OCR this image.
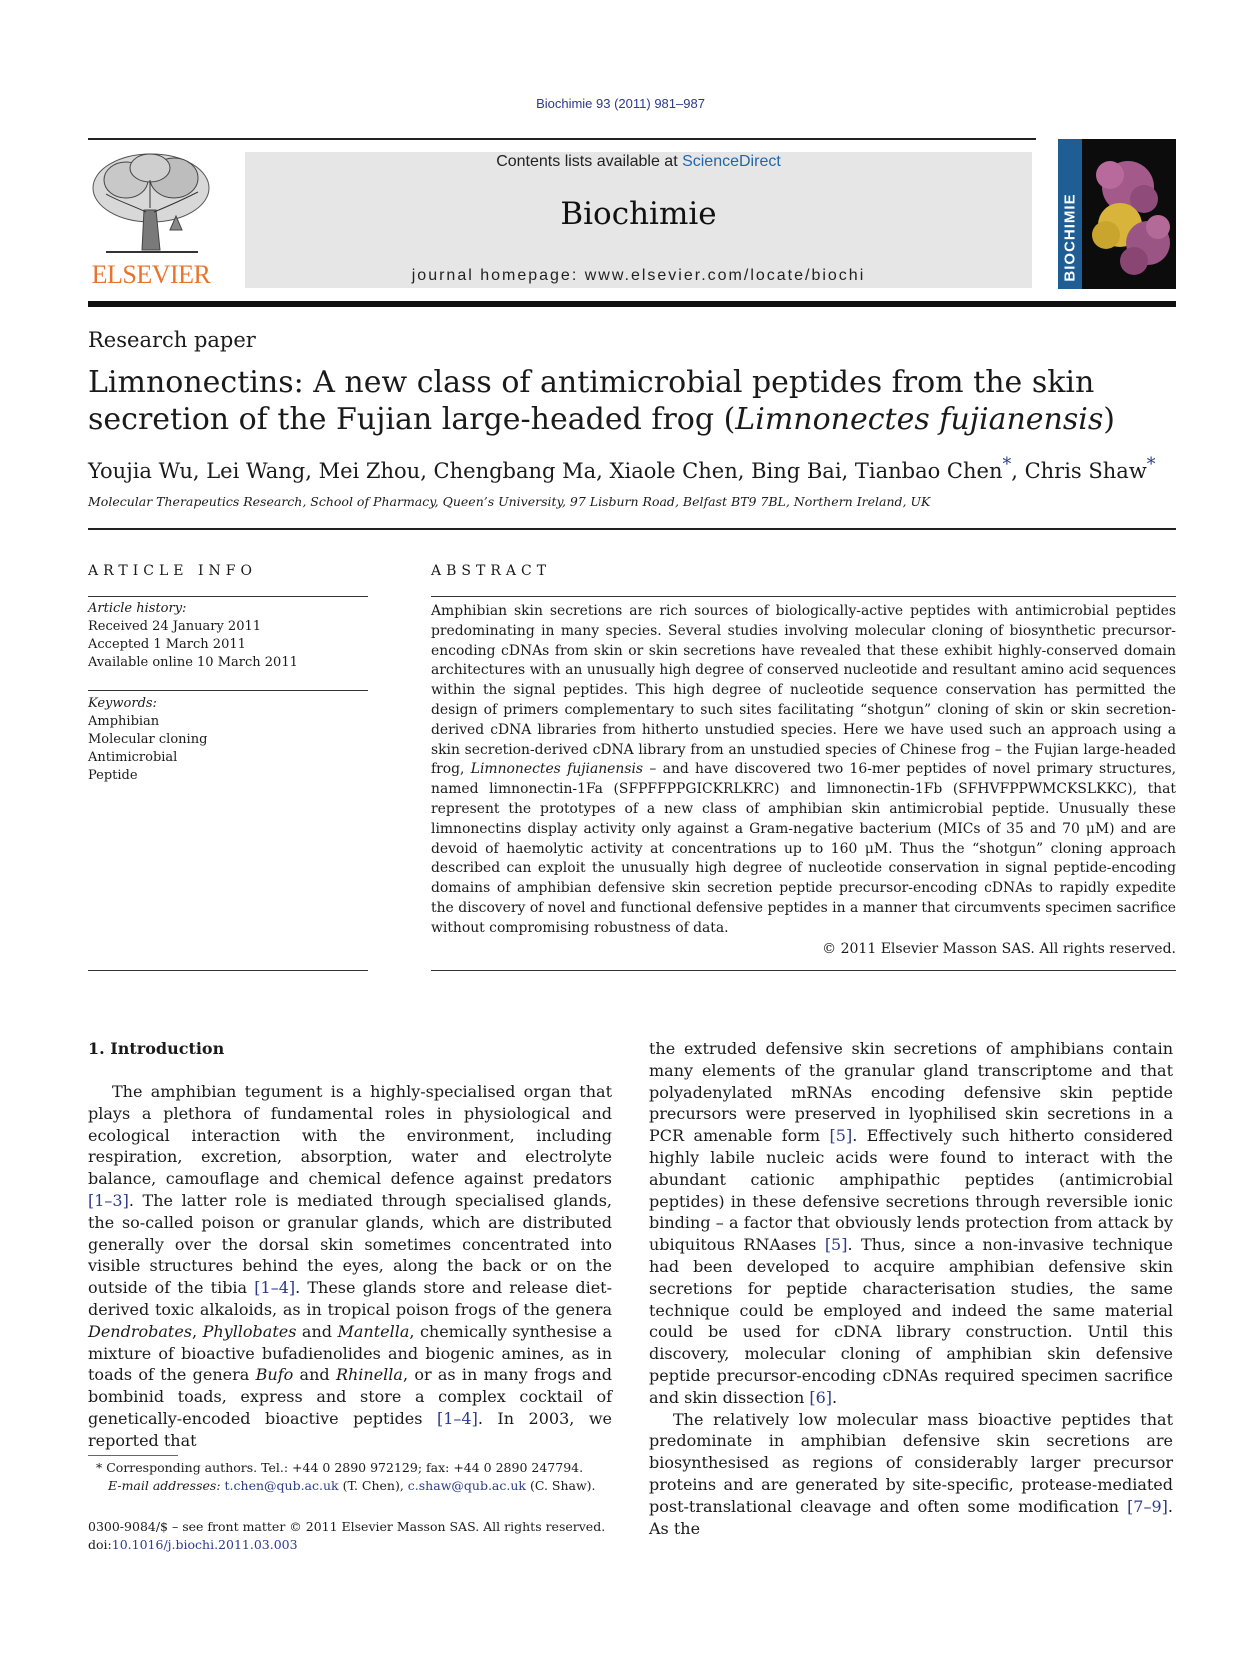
Biochimie 93 (2011) 981–987
ELSEVIER
Contents lists available at ScienceDirect
Biochimie
journal homepage: www.elsevier.com/locate/biochi	BIOCHIMIE
Research paper
Limnonectins: A new class of antimicrobial peptides from the skin secretion of the Fujian large-headed frog (Limnonectes fujianensis)
Youjia Wu, Lei Wang, Mei Zhou, Chengbang Ma, Xiaole Chen, Bing Bai, Tianbao Chen*, Chris Shaw*
Molecular Therapeutics Research, School of Pharmacy, Queen’s University, 97 Lisburn Road, Belfast BT9 7BL, Northern Ireland, UK
ARTICLE INFO
Article history:
Received 24 January 2011
Accepted 1 March 2011
Available online 10 March 2011
Keywords:
Amphibian
Molecular cloning
Antimicrobial
Peptide
ABSTRACT
Amphibian skin secretions are rich sources of biologically-active peptides with antimicrobial peptides predominating in many species. Several studies involving molecular cloning of biosynthetic precursor-encoding cDNAs from skin or skin secretions have revealed that these exhibit highly-conserved domain architectures with an unusually high degree of conserved nucleotide and resultant amino acid sequences within the signal peptides. This high degree of nucleotide sequence conservation has permitted the design of primers complementary to such sites facilitating “shotgun” cloning of skin or skin secretion-derived cDNA libraries from hitherto unstudied species. Here we have used such an approach using a skin secretion-derived cDNA library from an unstudied species of Chinese frog – the Fujian large-headed frog, Limnonectes fujianensis – and have discovered two 16-mer peptides of novel primary structures, named limnonectin-1Fa (SFPFFPPGICKRLKRC) and limnonectin-1Fb (SFHVFPPWMCKSLKKC), that represent the prototypes of a new class of amphibian skin antimicrobial peptide. Unusually these limnonectins display activity only against a Gram-negative bacterium (MICs of 35 and 70 μM) and are devoid of haemolytic activity at concentrations up to 160 μM. Thus the “shotgun” cloning approach described can exploit the unusually high degree of nucleotide conservation in signal peptide-encoding domains of amphibian defensive skin secretion peptide precursor-encoding cDNAs to rapidly expedite the discovery of novel and functional defensive peptides in a manner that circumvents specimen sacrifice without compromising robustness of data.
© 2011 Elsevier Masson SAS. All rights reserved.
1. Introduction
The amphibian tegument is a highly-specialised organ that plays a plethora of fundamental roles in physiological and ecological interaction with the environment, including respiration, excretion, absorption, water and electrolyte balance, camouflage and chemical defence against predators [1–3]. The latter role is mediated through specialised glands, the so-called poison or granular glands, which are distributed generally over the dorsal skin sometimes concentrated into visible structures behind the eyes, along the back or on the outside of the tibia [1–4]. These glands store and release diet-derived toxic alkaloids, as in tropical poison frogs of the genera Dendrobates, Phyllobates and Mantella, chemically synthesise a mixture of bioactive bufadienolides and biogenic amines, as in toads of the genera Bufo and Rhinella, or as in many frogs and bombinid toads, express and store a complex cocktail of genetically-encoded bioactive peptides [1–4]. In 2003, we reported that

the extruded defensive skin secretions of amphibians contain many elements of the granular gland transcriptome and that polyadenylated mRNAs encoding defensive skin peptide precursors were preserved in lyophilised skin secretions in a PCR amenable form [5]. Effectively such hitherto considered highly labile nucleic acids were found to interact with the abundant cationic amphipathic peptides (antimicrobial peptides) in these defensive secretions through reversible ionic binding – a factor that obviously lends protection from attack by ubiquitous RNAases [5]. Thus, since a non-invasive technique had been developed to acquire amphibian defensive skin secretions for peptide characterisation studies, the same technique could be employed and indeed the same material could be used for cDNA library construction. Until this discovery, molecular cloning of amphibian skin defensive peptide precursor-encoding cDNAs required specimen sacrifice and skin dissection [6].

The relatively low molecular mass bioactive peptides that predominate in amphibian defensive skin secretions are biosynthesised as regions of considerably larger precursor proteins and are generated by site-specific, protease-mediated post-translational cleavage and often some modification [7–9]. As the

* Corresponding authors. Tel.: +44 0 2890 972129; fax: +44 0 2890 247794.
E-mail addresses: t.chen@qub.ac.uk (T. Chen), c.shaw@qub.ac.uk (C. Shaw).
0300-9084/$ – see front matter © 2011 Elsevier Masson SAS. All rights reserved.
doi:10.1016/j.biochi.2011.03.003
